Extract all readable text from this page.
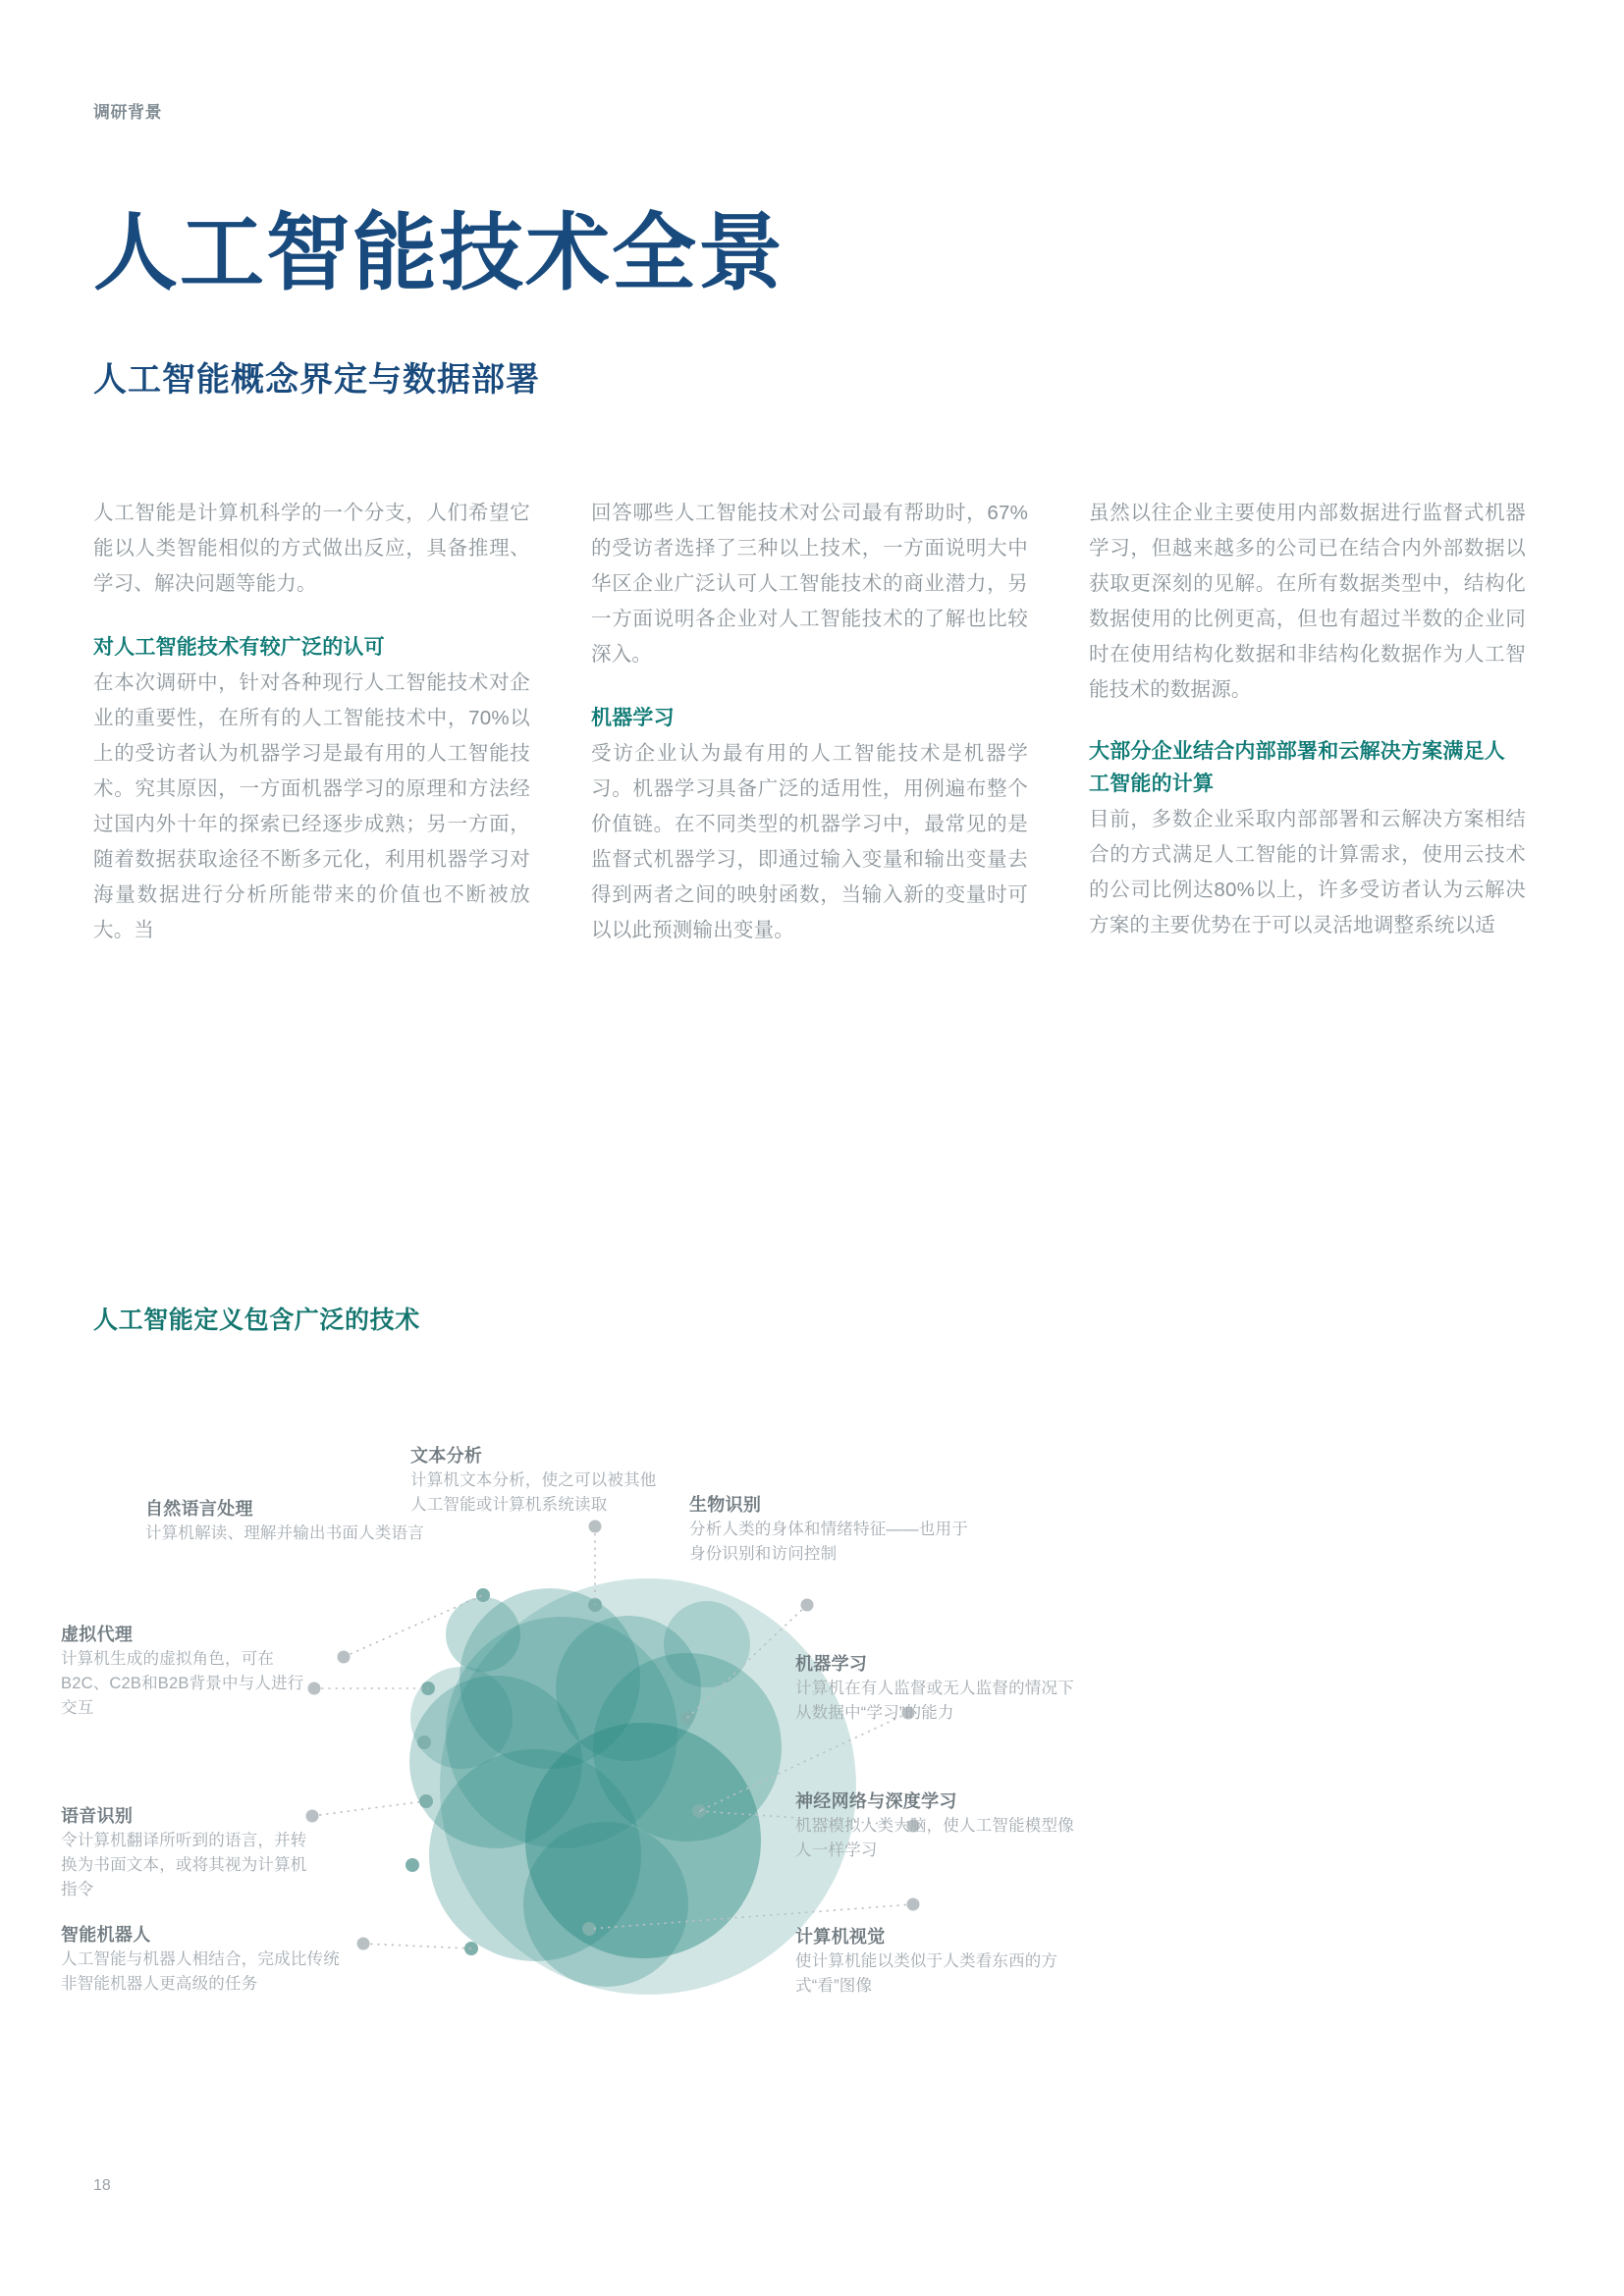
调研背景
人工智能技术全景
人工智能概念界定与数据部署

人工智能是计算机科学的一个分支，人们希望它能以人类智能相似的方式做出反应，具备推理、学习、解决问题等能力。

对人工智能技术有较广泛的认可

在本次调研中，针对各种现行人工智能技术对企业的重要性，在所有的人工智能技术中，70%以上的受访者认为机器学习是最有用的人工智能技术。究其原因，一方面机器学习的原理和方法经过国内外十年的探索已经逐步成熟；另一方面，随着数据获取途径不断多元化，利用机器学习对海量数据进行分析所能带来的价值也不断被放大。当

回答哪些人工智能技术对公司最有帮助时，67%的受访者选择了三种以上技术，一方面说明大中华区企业广泛认可人工智能技术的商业潜力，另一方面说明各企业对人工智能技术的了解也比较深入。

机器学习

受访企业认为最有用的人工智能技术是机器学习。机器学习具备广泛的适用性，用例遍布整个价值链。在不同类型的机器学习中，最常见的是监督式机器学习，即通过输入变量和输出变量去得到两者之间的映射函数，当输入新的变量时可以以此预测输出变量。

虽然以往企业主要使用内部数据进行监督式机器学习，但越来越多的公司已在结合内外部数据以获取更深刻的见解。在所有数据类型中，结构化数据使用的比例更高，但也有超过半数的企业同时在使用结构化数据和非结构化数据作为人工智能技术的数据源。

大部分企业结合内部部署和云解决方案满足人工智能的计算

目前，多数企业采取内部部署和云解决方案相结合的方式满足人工智能的计算需求，使用云技术的公司比例达80%以上，许多受访者认为云解决方案的主要优势在于可以灵活地调整系统以适

人工智能定义包含广泛的技术
自然语言处理
计算机解读、理解并输出书面人类语言
文本分析
计算机文本分析，使之可以被其他人工智能或计算机系统读取	生物识别
分析人类的身体和情绪特征——也用于身份识别和访问控制
虚拟代理
计算机生成的虚拟角色，可在B2C、C2B和B2B背景中与人进行交互
机器学习
计算机在有人监督或无人监督的情况下从数据中“学习”的能力
语音识别
令计算机翻译所听到的语言，并转换为书面文本，或将其视为计算机指令
神经网络与深度学习
机器模拟人类大脑，使人工智能模型像人一样学习
计算机视觉
使计算机能以类似于人类看东西的方式“看”图像
智能机器人
人工智能与机器人相结合，完成比传统非智能机器人更高级的任务
18
